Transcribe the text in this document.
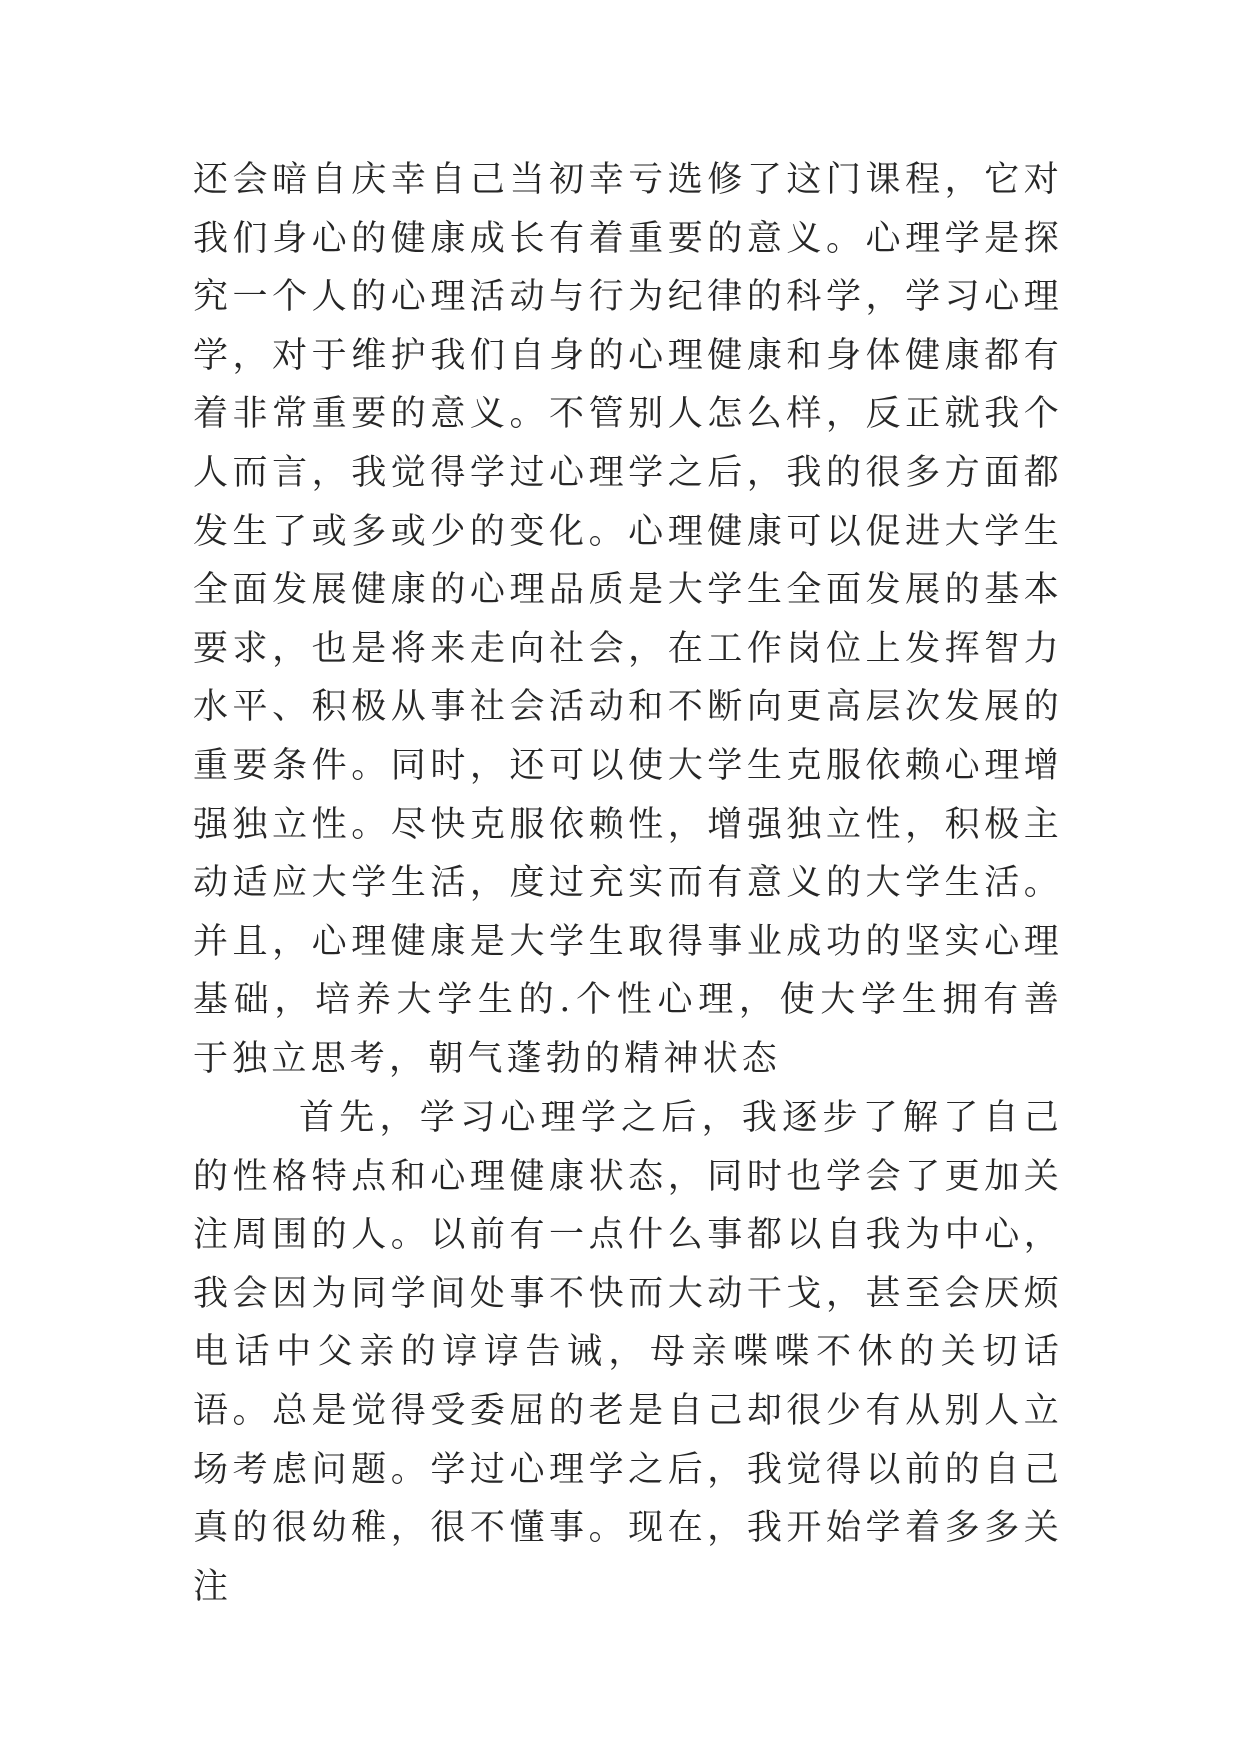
还会暗自庆幸自己当初幸亏选修了这门课程，它对我们身心的健康成长有着重要的意义。心理学是探究一个人的心理活动与行为纪律的科学，学习心理学，对于维护我们自身的心理健康和身体健康都有着非常重要的意义。不管别人怎么样，反正就我个人而言，我觉得学过心理学之后，我的很多方面都发生了或多或少的变化。心理健康可以促进大学生全面发展健康的心理品质是大学生全面发展的基本要求，也是将来走向社会，在工作岗位上发挥智力水平、积极从事社会活动和不断向更高层次发展的重要条件。同时，还可以使大学生克服依赖心理增强独立性。尽快克服依赖性，增强独立性，积极主动适应大学生活，度过充实而有意义的大学生活。并且，心理健康是大学生取得事业成功的坚实心理基础，培养大学生的.个性心理，使大学生拥有善于独立思考，朝气蓬勃的精神状态

首先，学习心理学之后，我逐步了解了自己的性格特点和心理健康状态，同时也学会了更加关注周围的人。以前有一点什么事都以自我为中心，我会因为同学间处事不快而大动干戈，甚至会厌烦电话中父亲的谆谆告诫，母亲喋喋不休的关切话语。总是觉得受委屈的老是自己却很少有从别人立场考虑问题。学过心理学之后，我觉得以前的自己真的很幼稚，很不懂事。现在，我开始学着多多关注
